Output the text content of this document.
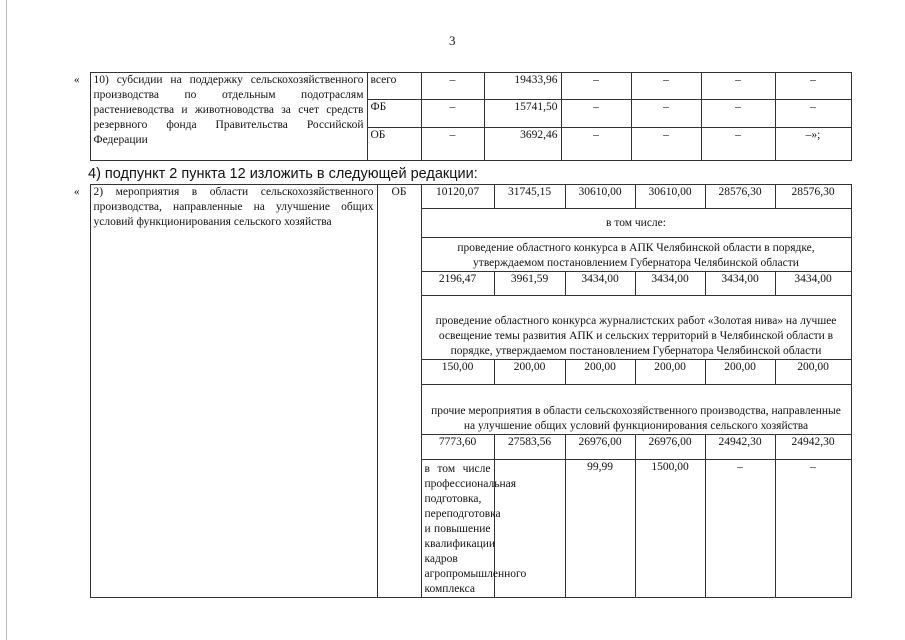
3
«	10) субсидии на поддержку сельскохозяйственного производства по отдельным подотраслям растениеводства и животноводства за счет средств резервного фонда Правительства Российской Федерации	всего	–	19433,96	–	–	–	–
		ФБ	–	15741,50	–	–	–	–
		ОБ	–	3692,46	–	–	–	–»;
4) подпункт 2 пункта 12 изложить в следующей редакции:
«	2) мероприятия в области сельскохозяйственного производства, направленные на улучшение общих условий функционирования сельского хозяйства	ОБ	10120,07	31745,15	30610,00	30610,00	28576,30	28576,30	
			в том числе:						
			проведение областного конкурса в АПК Челябинской области в порядке, утверждаемом постановлением Губернатора Челябинской области						
			2196,47	3961,59	3434,00	3434,00	3434,00	3434,00	
			проведение областного конкурса журналистских работ «Золотая нива» на лучшее освещение темы развития АПК и сельских территорий в Челябинской области в порядке, утверждаемом постановлением Губернатора Челябинской области						
			150,00	200,00	200,00	200,00	200,00	200,00	
			прочие мероприятия в области сельскохозяйственного производства, направленные на улучшение общих условий функционирования сельского хозяйства						
			7773,60	27583,56	26976,00	26976,00	24942,30	24942,30	
			в том числе профессиональная подготовка, переподготовка и повышение квалификации кадров агропромышленного комплекса		99,99	1500,00	–	–		
